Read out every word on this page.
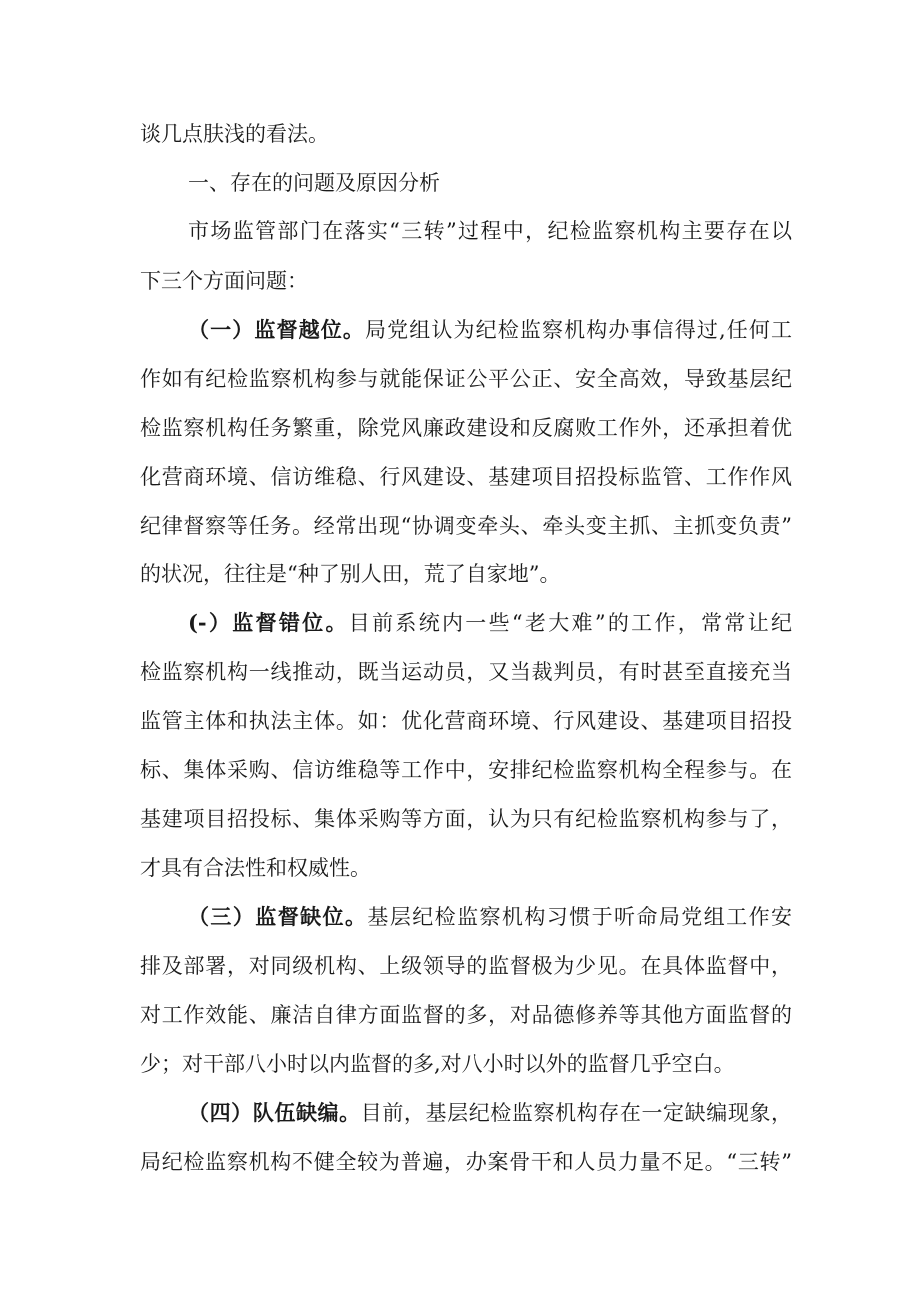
谈几点肤浅的看法。
一、存在的问题及原因分析
市场监管部门在落实“三转”过程中，纪检监察机构主要存在以
下三个方面问题：
（一）监督越位。局党组认为纪检监察机构办事信得过,任何工
作如有纪检监察机构参与就能保证公平公正、安全高效，导致基层纪
检监察机构任务繁重，除党风廉政建设和反腐败工作外，还承担着优
化营商环境、信访维稳、行风建设、基建项目招投标监管、工作作风
纪律督察等任务。经常出现“协调变牵头、牵头变主抓、主抓变负责”
的状况，往往是“种了别人田，荒了自家地”。
(-）监督错位。目前系统内一些“老大难”的工作，常常让纪
检监察机构一线推动，既当运动员，又当裁判员，有时甚至直接充当
监管主体和执法主体。如：优化营商环境、行风建设、基建项目招投
标、集体采购、信访维稳等工作中，安排纪检监察机构全程参与。在
基建项目招投标、集体采购等方面，认为只有纪检监察机构参与了，
才具有合法性和权威性。
（三）监督缺位。基层纪检监察机构习惯于听命局党组工作安
排及部署，对同级机构、上级领导的监督极为少见。在具体监督中，
对工作效能、廉洁自律方面监督的多，对品德修养等其他方面监督的
少；对干部八小时以内监督的多,对八小时以外的监督几乎空白。
（四）队伍缺编。目前，基层纪检监察机构存在一定缺编现象，
局纪检监察机构不健全较为普遍，办案骨干和人员力量不足。“三转”
